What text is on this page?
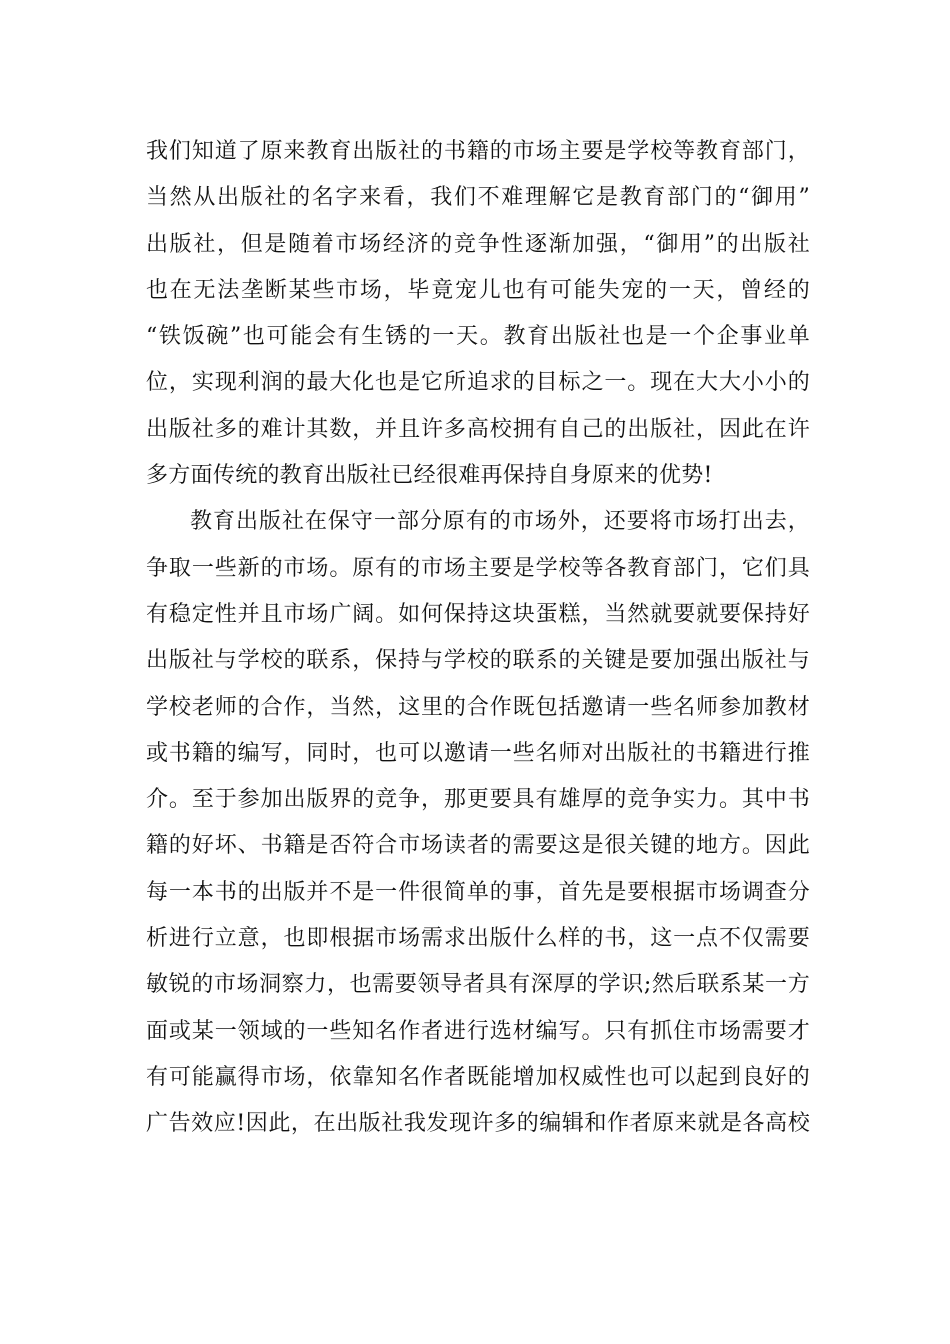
我们知道了原来教育出版社的书籍的市场主要是学校等教育部门，
当然从出版社的名字来看，我们不难理解它是教育部门的“御用”
出版社，但是随着市场经济的竞争性逐渐加强，“御用”的出版社
也在无法垄断某些市场，毕竟宠儿也有可能失宠的一天，曾经的
“铁饭碗”也可能会有生锈的一天。教育出版社也是一个企事业单
位，实现利润的最大化也是它所追求的目标之一。现在大大小小的
出版社多的难计其数，并且许多高校拥有自己的出版社，因此在许
多方面传统的教育出版社已经很难再保持自身原来的优势!
教育出版社在保守一部分原有的市场外，还要将市场打出去，
争取一些新的市场。原有的市场主要是学校等各教育部门，它们具
有稳定性并且市场广阔。如何保持这块蛋糕，当然就要就要保持好
出版社与学校的联系，保持与学校的联系的关键是要加强出版社与
学校老师的合作，当然，这里的合作既包括邀请一些名师参加教材
或书籍的编写，同时，也可以邀请一些名师对出版社的书籍进行推
介。至于参加出版界的竞争，那更要具有雄厚的竞争实力。其中书
籍的好坏、书籍是否符合市场读者的需要这是很关键的地方。因此
每一本书的出版并不是一件很简单的事，首先是要根据市场调查分
析进行立意，也即根据市场需求出版什么样的书，这一点不仅需要
敏锐的市场洞察力，也需要领导者具有深厚的学识;然后联系某一方
面或某一领域的一些知名作者进行选材编写。只有抓住市场需要才
有可能赢得市场，依靠知名作者既能增加权威性也可以起到良好的
广告效应!因此，在出版社我发现许多的编辑和作者原来就是各高校
